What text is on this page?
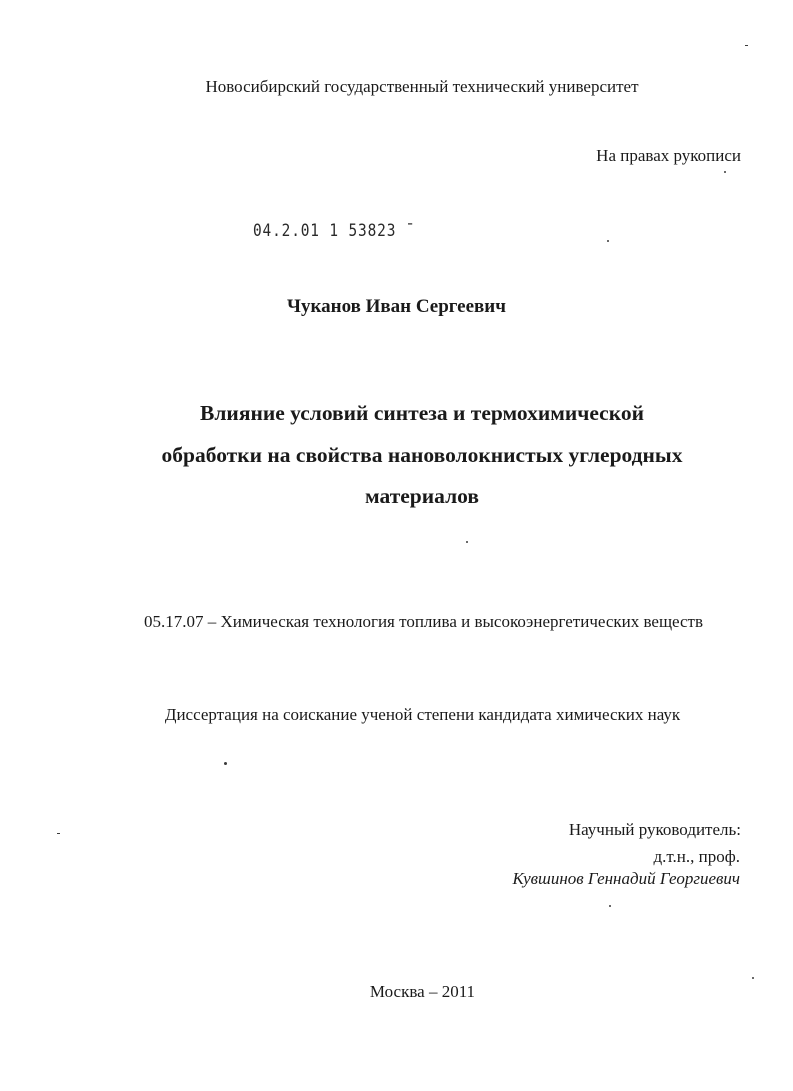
Новосибирский государственный технический университет
На правах рукописи
04.2.01 1 53823 ˉ
Чуканов Иван Сергеевич
Влияние условий синтеза и термохимической
обработки на свойства нановолокнистых углеродных
материалов
05.17.07 – Химическая технология топлива и высокоэнергетических веществ
Диссертация на соискание ученой степени кандидата химических наук
Научный руководитель:
д.т.н., проф.
Кувшинов Геннадий Георгиевич
Москва – 2011
